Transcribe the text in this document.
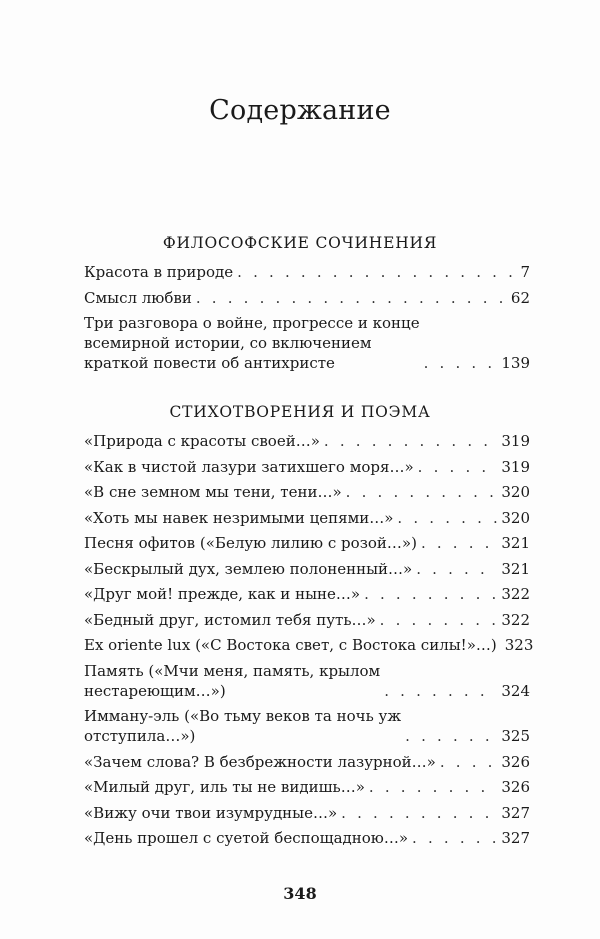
Содержание
ФИЛОСОФСКИЕ СОЧИНЕНИЯ
Красота в природе . . .	7
Смысл любви . . .	62
Три разговора о войне, прогрессе и конце
всемирной истории, со включением
краткой повести об антихристе . . .	139
СТИХОТВОРЕНИЯ И ПОЭМА
«Природа с красоты своей…» . . .	319
«Как в чистой лазури затихшего моря…» . . .	319
«В сне земном мы тени, тени…» . . .	320
«Хоть мы навек незримыми цепями…» . . .	320
Песня офитов («Белую лилию с розой…») . . .	321
«Бескрылый дух, землею полоненный…» . . .	321
«Друг мой! прежде, как и ныне…» . . .	322
«Бедный друг, истомил тебя путь…» . . .	322
Ex oriente lux («С Востока свет, с Востока силы!»…) 323
Память («Мчи меня, память, крылом
нестареющим…») . . .	324
Имману-эль («Во тьму веков та ночь уж
отступила…») . . .	325
«Зачем слова? В безбрежности лазурной…» . . .	326
«Милый друг, иль ты не видишь…» . . .	326
«Вижу очи твои изумрудные…» . . .	327
«День прошел с суетой беспощадною…» . . .	327
348
